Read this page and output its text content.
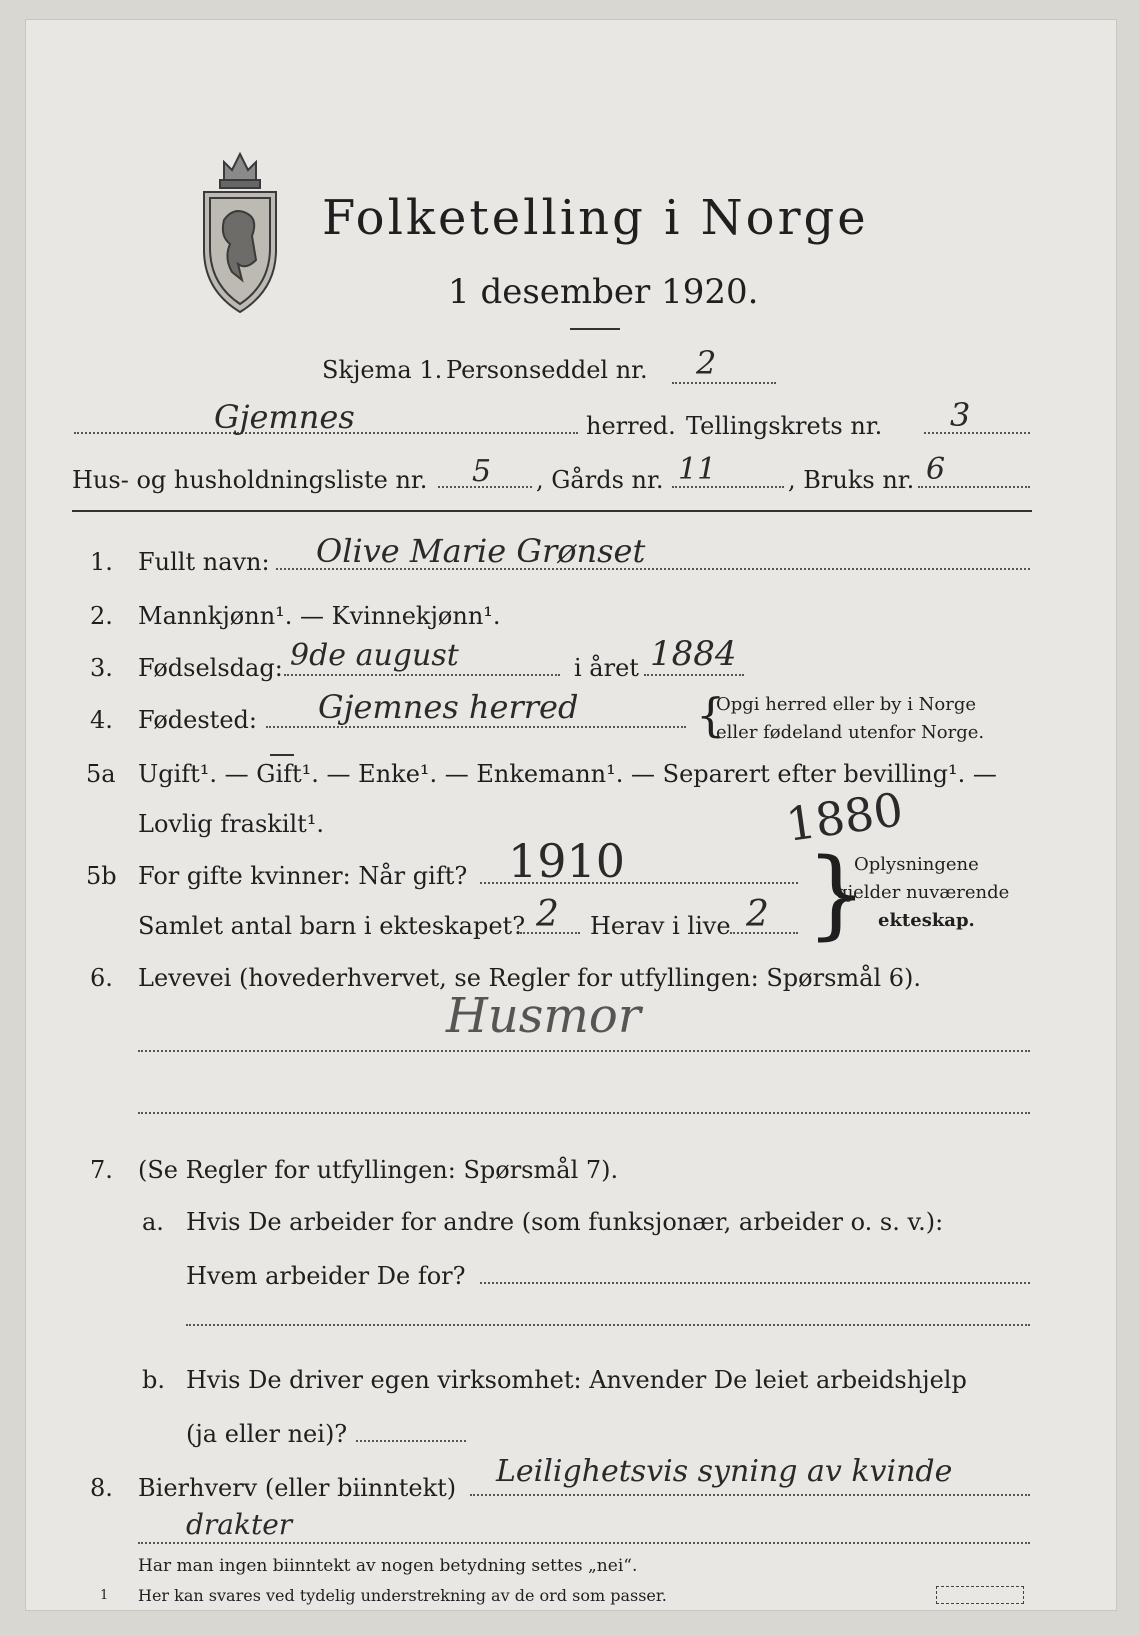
Folketelling i Norge
1 desember 1920.
Skjema 1. Personseddel nr. 2
Gjemnes	herred. Tellingskrets nr. 3
Hus- og husholdningsliste nr. 5 , Gårds nr. 11	, Bruks nr. 6
1. Fullt navn: Olive Marie Grønset
2. Mannkjønn¹. — Kvinnekjønn¹.
3. Fødselsdag: 9de august	i året 1884
4. Fødested: Gjemnes herred	{
Opgi herred eller by i Norge
eller fødeland utenfor Norge.
5a Ugift¹. — Gift¹. — Enke¹. — Enkemann¹. — Separert efter bevilling¹. —
Lovlig fraskilt¹.	1880
5b For gifte kvinner: Når gift? 1910
Samlet antal barn i ekteskapet? 2 Herav i live 2 }
Oplysningene
gjelder nuværende
ekteskap.
6. Levevei (hovederhvervet, se Regler for utfyllingen: Spørsmål 6).
Husmor
7. (Se Regler for utfyllingen: Spørsmål 7).
a. Hvis De arbeider for andre (som funksjonær, arbeider o. s. v.):
Hvem arbeider De for?
b. Hvis De driver egen virksomhet: Anvender De leiet arbeidshjelp
(ja eller nei)?
8. Bierhverv (eller biinntekt) Leilighetsvis syning av kvinde
drakter
Har man ingen biinntekt av nogen betydning settes „nei“.
1 Her kan svares ved tydelig understrekning av de ord som passer.
